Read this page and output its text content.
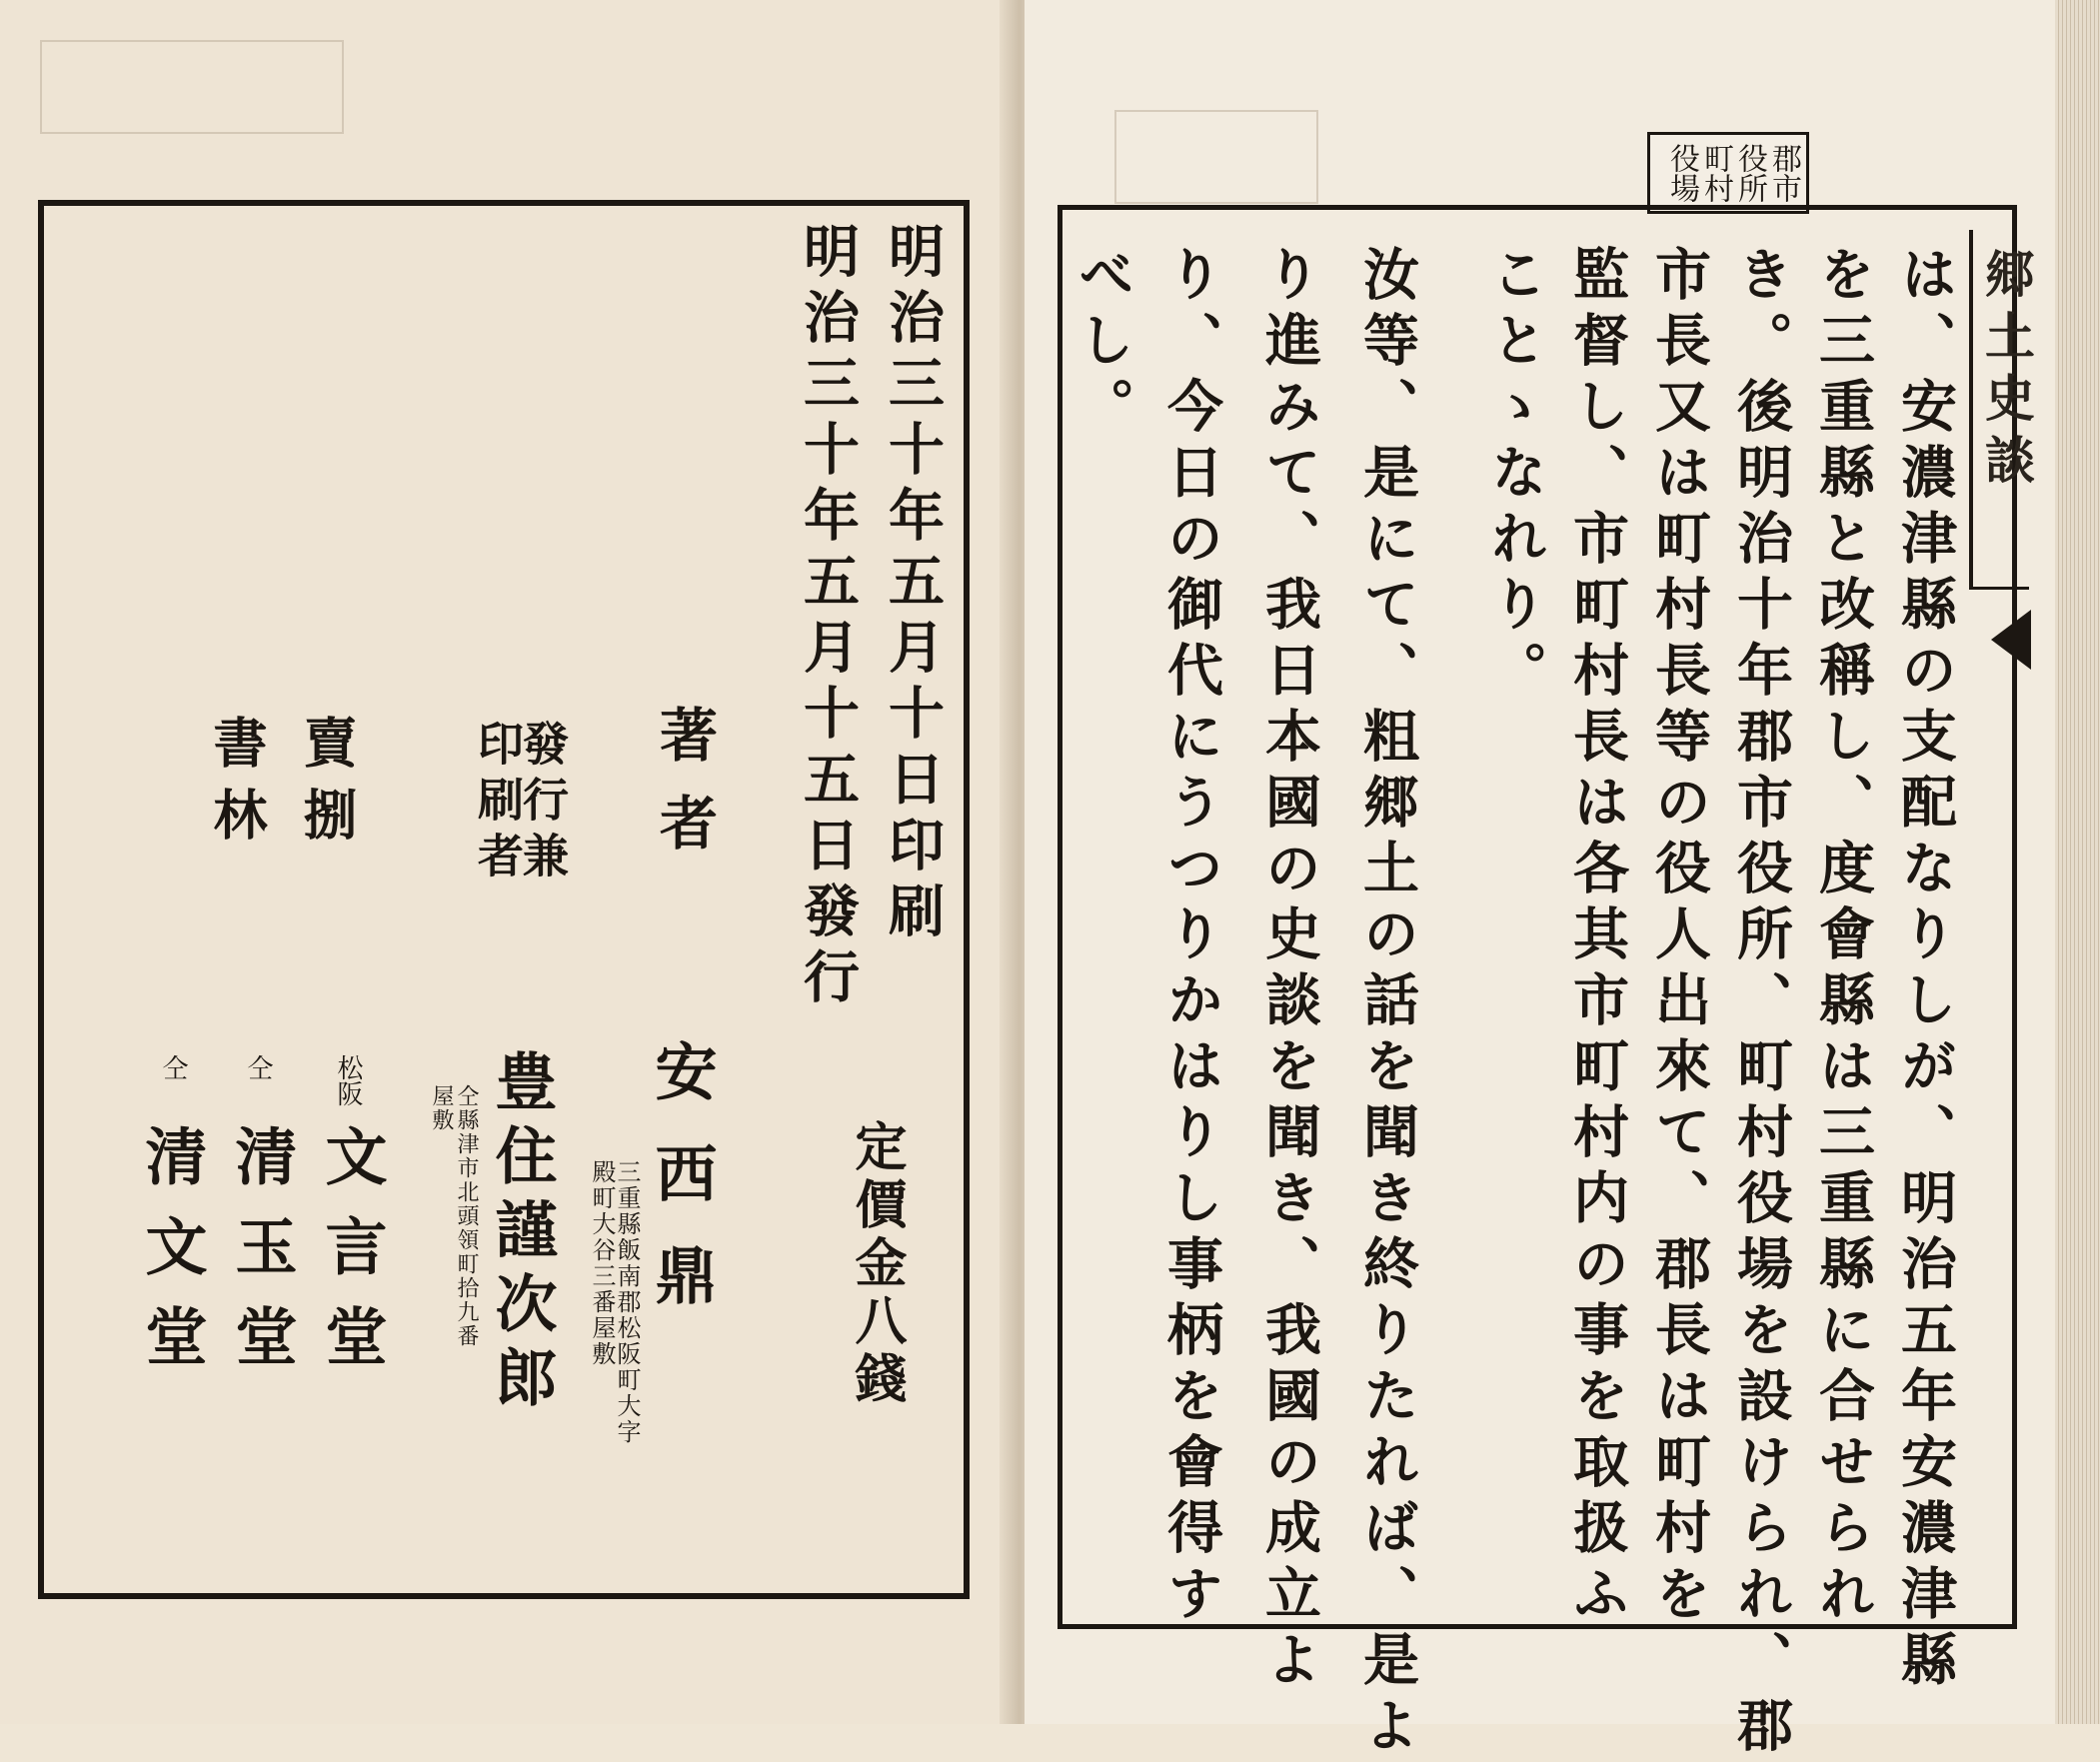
明治三十年五月十日印刷
明治三十年五月十五日發行
定價金八錢
著者
安西鼎
三重縣飯南郡松阪町大字
殿町大谷三番屋敷
發行兼
印刷者
豊住謹次郎
仝縣津市北頭領町拾九番
屋敷
賣捌
書林
松阪
文言堂
仝
清玉堂
仝
清文堂
郡市
役所
町村
役場
郷土史談
は、安濃津縣の支配なりしが、明治五年安濃津縣
を三重縣と改稱し、度會縣は三重縣に合せられ
き。後明治十年郡市役所、町村役場を設けられ、郡
市長又は町村長等の役人出來て、郡長は町村を
監督し、市町村長は各其市町村内の事を取扱ふ
ことゝなれり。
汝等、是にて、粗郷土の話を聞き終りたれば、是よ
り進みて、我日本國の史談を聞き、我國の成立よ
り、今日の御代にうつりかはりし事柄を會得す
べし。
